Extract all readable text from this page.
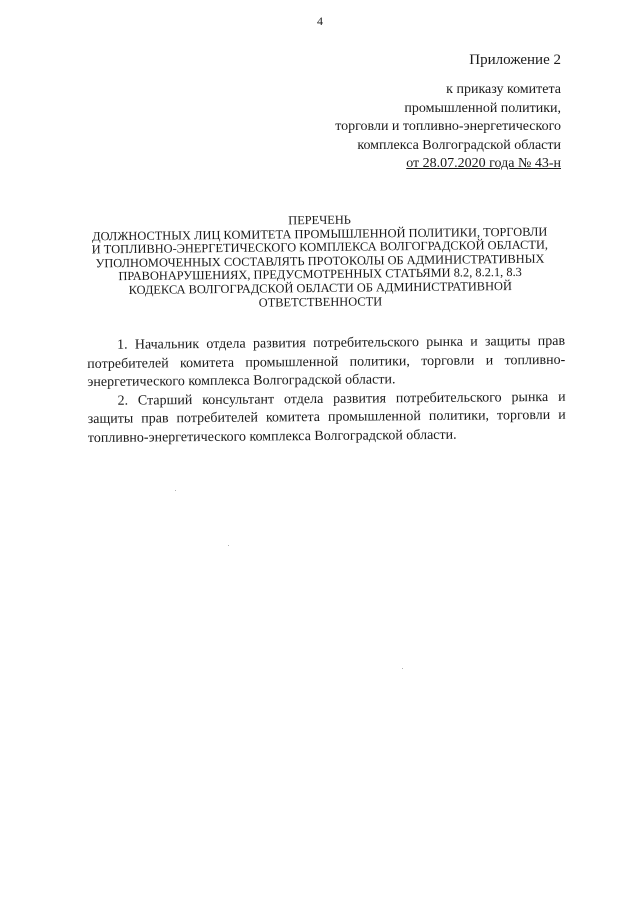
4
Приложение 2
к приказу комитета
промышленной политики,
торговли и топливно-энергетического
комплекса Волгоградской области
от 28.07.2020 года № 43-н
ПЕРЕЧЕНЬ
ДОЛЖНОСТНЫХ ЛИЦ КОМИТЕТА ПРОМЫШЛЕННОЙ ПОЛИТИКИ, ТОРГОВЛИ
И ТОПЛИВНО-ЭНЕРГЕТИЧЕСКОГО КОМПЛЕКСА ВОЛГОГРАДСКОЙ ОБЛАСТИ,
УПОЛНОМОЧЕННЫХ СОСТАВЛЯТЬ ПРОТОКОЛЫ ОБ АДМИНИСТРАТИВНЫХ
ПРАВОНАРУШЕНИЯХ, ПРЕДУСМОТРЕННЫХ СТАТЬЯМИ 8.2, 8.2.1, 8.3
КОДЕКСА ВОЛГОГРАДСКОЙ ОБЛАСТИ ОБ АДМИНИСТРАТИВНОЙ
ОТВЕТСТВЕННОСТИ

1. Начальник отдела развития потребительского рынка и защиты прав потребителей комитета промышленной политики, торговли и топливно-энергетического комплекса Волгоградской области.

2. Старший консультант отдела развития потребительского рынка и защиты прав потребителей комитета промышленной политики, торговли и топливно-энергетического комплекса Волгоградской области.
